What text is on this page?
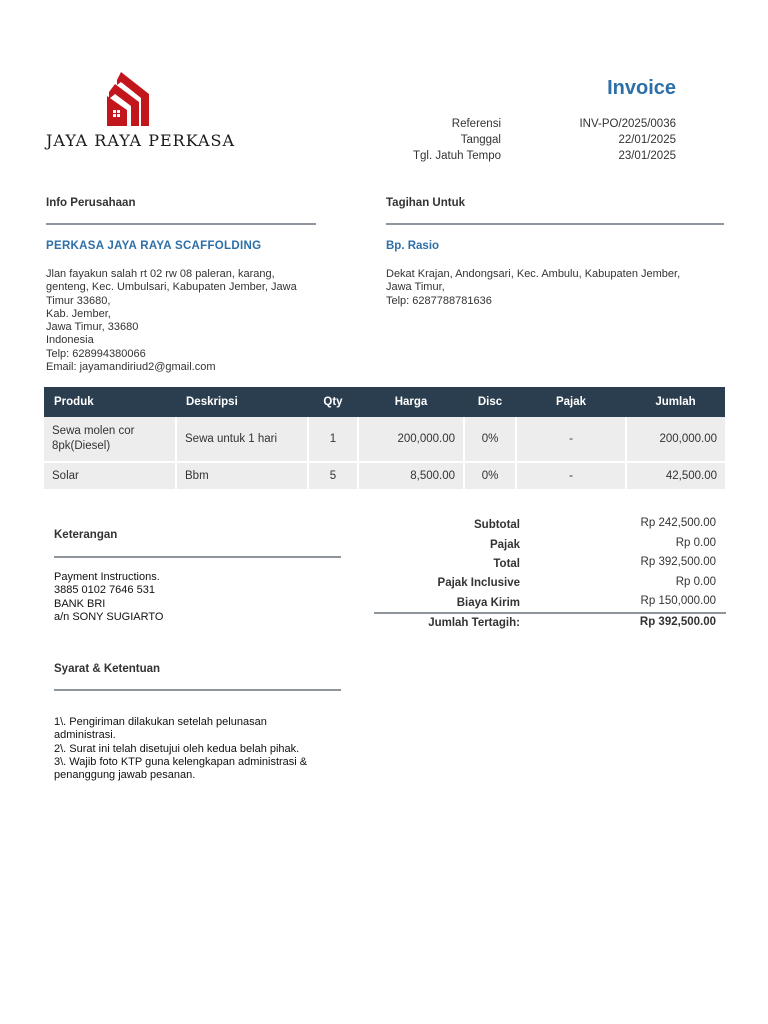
JAYA RAYA PERKASA
Invoice
Referensi	INV-PO/2025/0036
Tanggal	22/01/2025
Tgl. Jatuh Tempo	23/01/2025
Info Perusahaan
PERKASA JAYA RAYA SCAFFOLDING
Jlan fayakun salah rt 02 rw 08 paleran, karang,
genteng, Kec. Umbulsari, Kabupaten Jember, Jawa
Timur 33680,
Kab. Jember,
Jawa Timur, 33680
Indonesia
Telp: 628994380066
Email: jayamandiriud2@gmail.com
Tagihan Untuk
Bp. Rasio
Dekat Krajan, Andongsari, Kec. Ambulu, Kabupaten Jember,
Jawa Timur,
Telp: 6287788781636
Produk	Deskripsi	Qty	Harga	Disc	Pajak	Jumlah
Sewa molen cor 8pk(Diesel)	Sewa untuk 1 hari	1	200,000.00	0%	-	200,000.00
Solar	Bbm	5	8,500.00	0%	-	42,500.00
Keterangan
Payment Instructions.
3885 0102 7646 531
BANK BRI
a/n SONY SUGIARTO
Subtotal	Rp 242,500.00
Pajak	Rp 0.00
Total	Rp 392,500.00
Pajak Inclusive	Rp 0.00
Biaya Kirim	Rp 150,000.00
Jumlah Tertagih:	Rp 392,500.00
Syarat & Ketentuan
1\. Pengiriman dilakukan setelah pelunasan
administrasi.
2\. Surat ini telah disetujui oleh kedua belah pihak.
3\. Wajib foto KTP guna kelengkapan administrasi &
penanggung jawab pesanan.
